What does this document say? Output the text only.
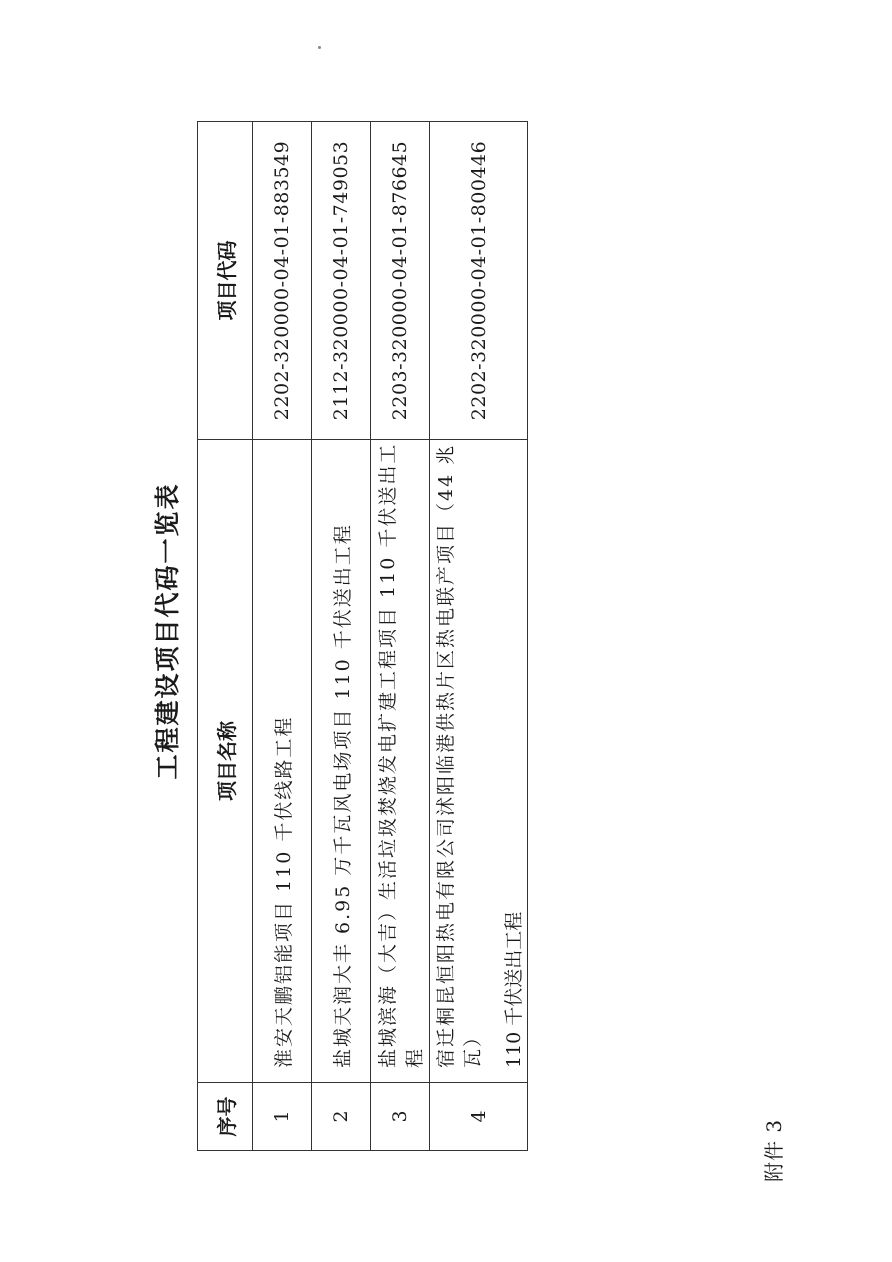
附件 3
工程建设项目代码一览表
序号	项目名称	项目代码
1	淮安天鹏铝能项目 110 千伏线路工程	2202-320000-04-01-883549
2	盐城天润大丰 6.95 万千瓦风电场项目 110 千伏送出工程	2112-320000-04-01-749053
3	盐城滨海（大吉）生活垃圾焚烧发电扩建工程项目 110 千伏送出工程	2203-320000-04-01-876645
4	宿迁桐昆恒阳热电有限公司沭阳临港供热片区热电联产项目（44 兆瓦） 110 千伏送出工程	2202-320000-04-01-800446
